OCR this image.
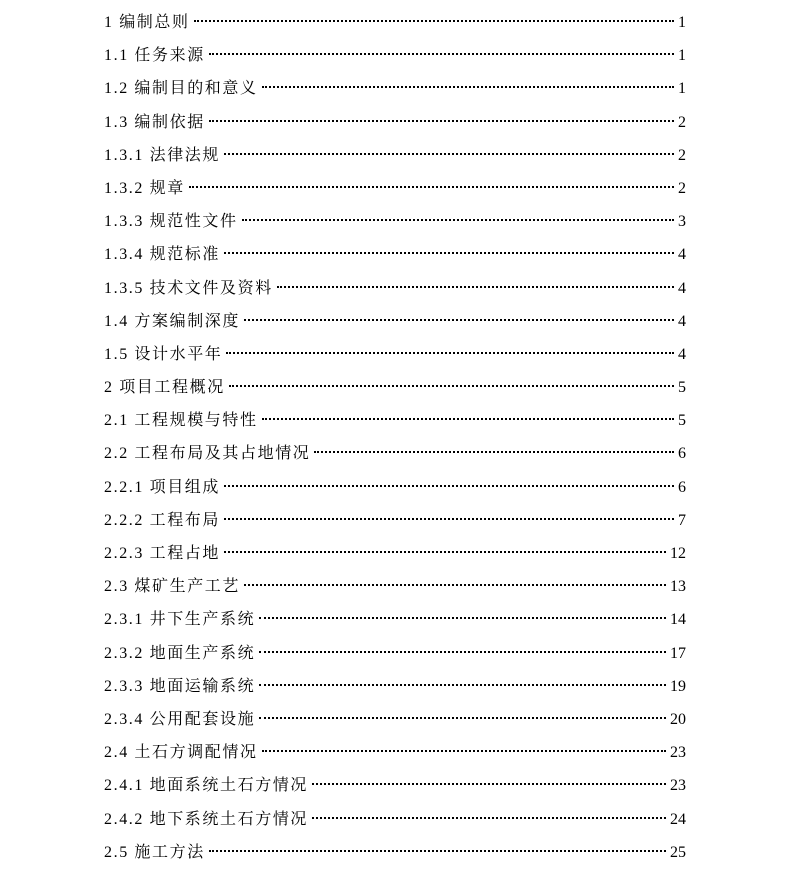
1 编制总则	1
1.1 任务来源	1
1.2 编制目的和意义	1
1.3 编制依据	2
1.3.1 法律法规	2
1.3.2 规章	2
1.3.3 规范性文件	3
1.3.4 规范标准	4
1.3.5 技术文件及资料	4
1.4 方案编制深度	4
1.5 设计水平年	4
2 项目工程概况	5
2.1 工程规模与特性	5
2.2 工程布局及其占地情况	6
2.2.1 项目组成	6
2.2.2 工程布局	7
2.2.3 工程占地	12
2.3 煤矿生产工艺	13
2.3.1 井下生产系统	14
2.3.2 地面生产系统	17
2.3.3 地面运输系统	19
2.3.4 公用配套设施	20
2.4 土石方调配情况	23
2.4.1 地面系统土石方情况	23
2.4.2 地下系统土石方情况	24
2.5 施工方法	25
